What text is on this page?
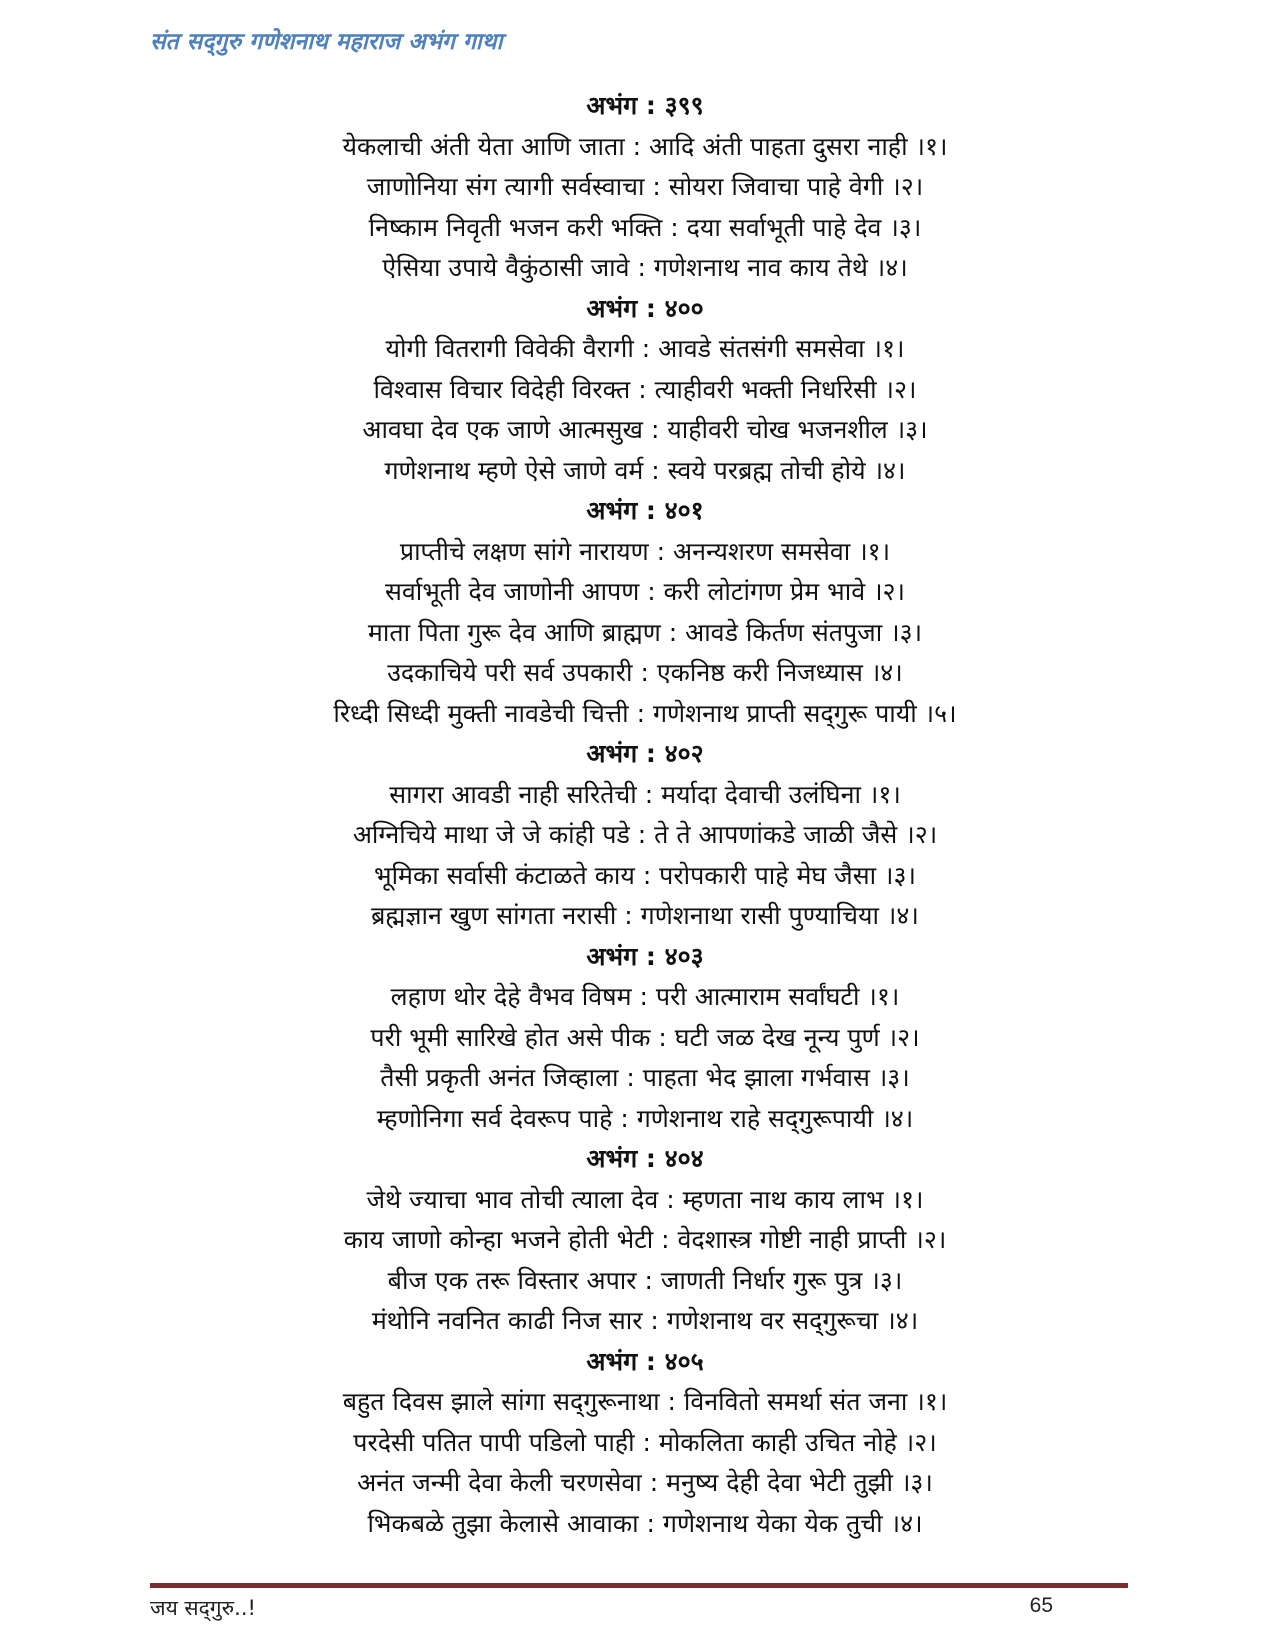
संत सद्‌गुरु गणेशनाथ महाराज अभंग गाथा
अभंग : ३९९
येकलाची अंती येता आणि जाता : आदि अंती पाहता दुसरा नाही ।१।
जाणोनिया संग त्यागी सर्वस्वाचा : सोयरा जिवाचा पाहे वेगी ।२।
निष्काम निवृती भजन करी भक्ति : दया सर्वाभूती पाहे देव ।३।
ऐसिया उपाये वैकुंठासी जावे : गणेशनाथ नाव काय तेथे ।४।
अभंग : ४००
योगी वितरागी विवेकी वैरागी : आवडे संतसंगी समसेवा ।१।
विश्वास विचार विदेही विरक्त : त्याहीवरी भक्ती निर्धारेसी ।२।
आवघा देव एक जाणे आत्मसुख : याहीवरी चोख भजनशील ।३।
गणेशनाथ म्हणे ऐसे जाणे वर्म : स्वये परब्रह्म तोची होये ।४।
अभंग : ४०१
प्राप्तीचे लक्षण सांगे नारायण : अनन्यशरण समसेवा ।१।
सर्वाभूती देव जाणोनी आपण : करी लोटांगण प्रेम भावे ।२।
माता पिता गुरू देव आणि ब्राह्मण : आवडे किर्तण संतपुजा ।३।
उदकाचिये परी सर्व उपकारी : एकनिष्ठ करी निजध्यास ।४।
रिध्दी सिध्दी मुक्ती नावडेची चित्ती : गणेशनाथ प्राप्ती सद्‌गुरू पायी ।५।
अभंग : ४०२
सागरा आवडी नाही सरितेची : मर्यादा देवाची उलंघिना ।१।
अग्निचिये माथा जे जे कांही पडे : ते ते आपणांकडे जाळी जैसे ।२।
भूमिका सर्वासी कंटाळते काय : परोपकारी पाहे मेघ जैसा ।३।
ब्रह्मज्ञान खुण सांगता नरासी : गणेशनाथा रासी पुण्याचिया ।४।
अभंग : ४०३
लहाण थोर देहे वैभव विषम : परी आत्माराम सर्वांघटी ।१।
परी भूमी सारिखे होत असे पीक : घटी जळ देख नून्य पुर्ण ।२।
तैसी प्रकृती अनंत जिव्हाला : पाहता भेद झाला गर्भवास ।३।
म्हणोनिगा सर्व देवरूप पाहे : गणेशनाथ राहे सद्‌गुरूपायी ।४।
अभंग : ४०४
जेथे ज्याचा भाव तोची त्याला देव : म्हणता नाथ काय लाभ ।१।
काय जाणो कोन्हा भजने होती भेटी : वेदशास्त्र गोष्टी नाही प्राप्ती ।२।
बीज एक तरू विस्तार अपार : जाणती निर्धार गुरू पुत्र ।३।
मंथोनि नवनित काढी निज सार : गणेशनाथ वर सद्‌गुरूचा ।४।
अभंग : ४०५
बहुत दिवस झाले सांगा सद्‌गुरूनाथा : विनवितो समर्था संत जना ।१।
परदेसी पतित पापी पडिलो पाही : मोकलिता काही उचित नोहे ।२।
अनंत जन्मी देवा केली चरणसेवा : मनुष्य देही देवा भेटी तुझी ।३।
भिकबळे तुझा केलासे आवाका : गणेशनाथ येका येक तुची ।४।
जय सद्‌गुरु..!	65
